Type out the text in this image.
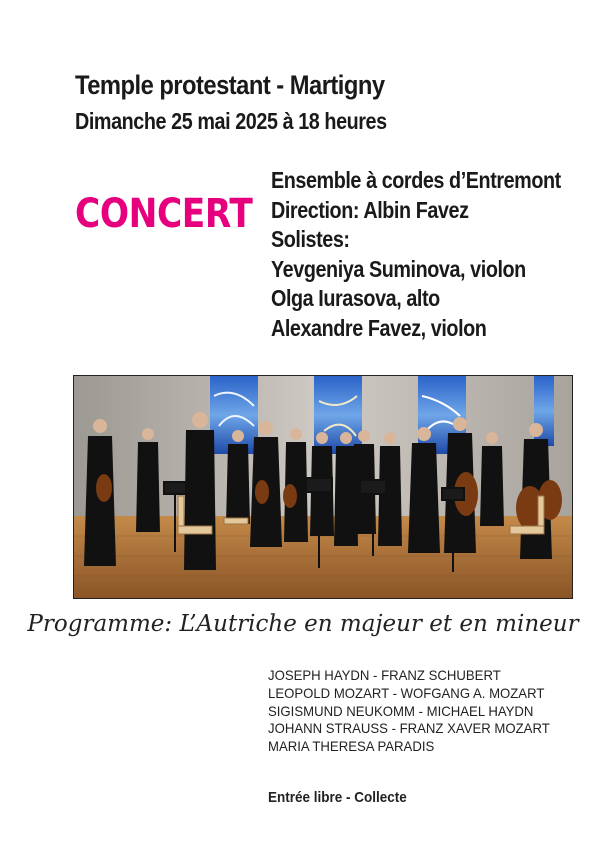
Temple protestant - Martigny
Dimanche 25 mai 2025 à 18 heures
CONCERT
Ensemble à cordes d’Entremont
Direction: Albin Favez
Solistes:
Yevgeniya Suminova, violon
Olga Iurasova, alto
Alexandre Favez, violon
Programme: L’Autriche en majeur et en mineur
JOSEPH HAYDN - FRANZ SCHUBERT
LEOPOLD MOZART - WOFGANG A. MOZART
SIGISMUND NEUKOMM - MICHAEL HAYDN
JOHANN STRAUSS - FRANZ XAVER MOZART
MARIA THERESA PARADIS
Entrée libre - Collecte
